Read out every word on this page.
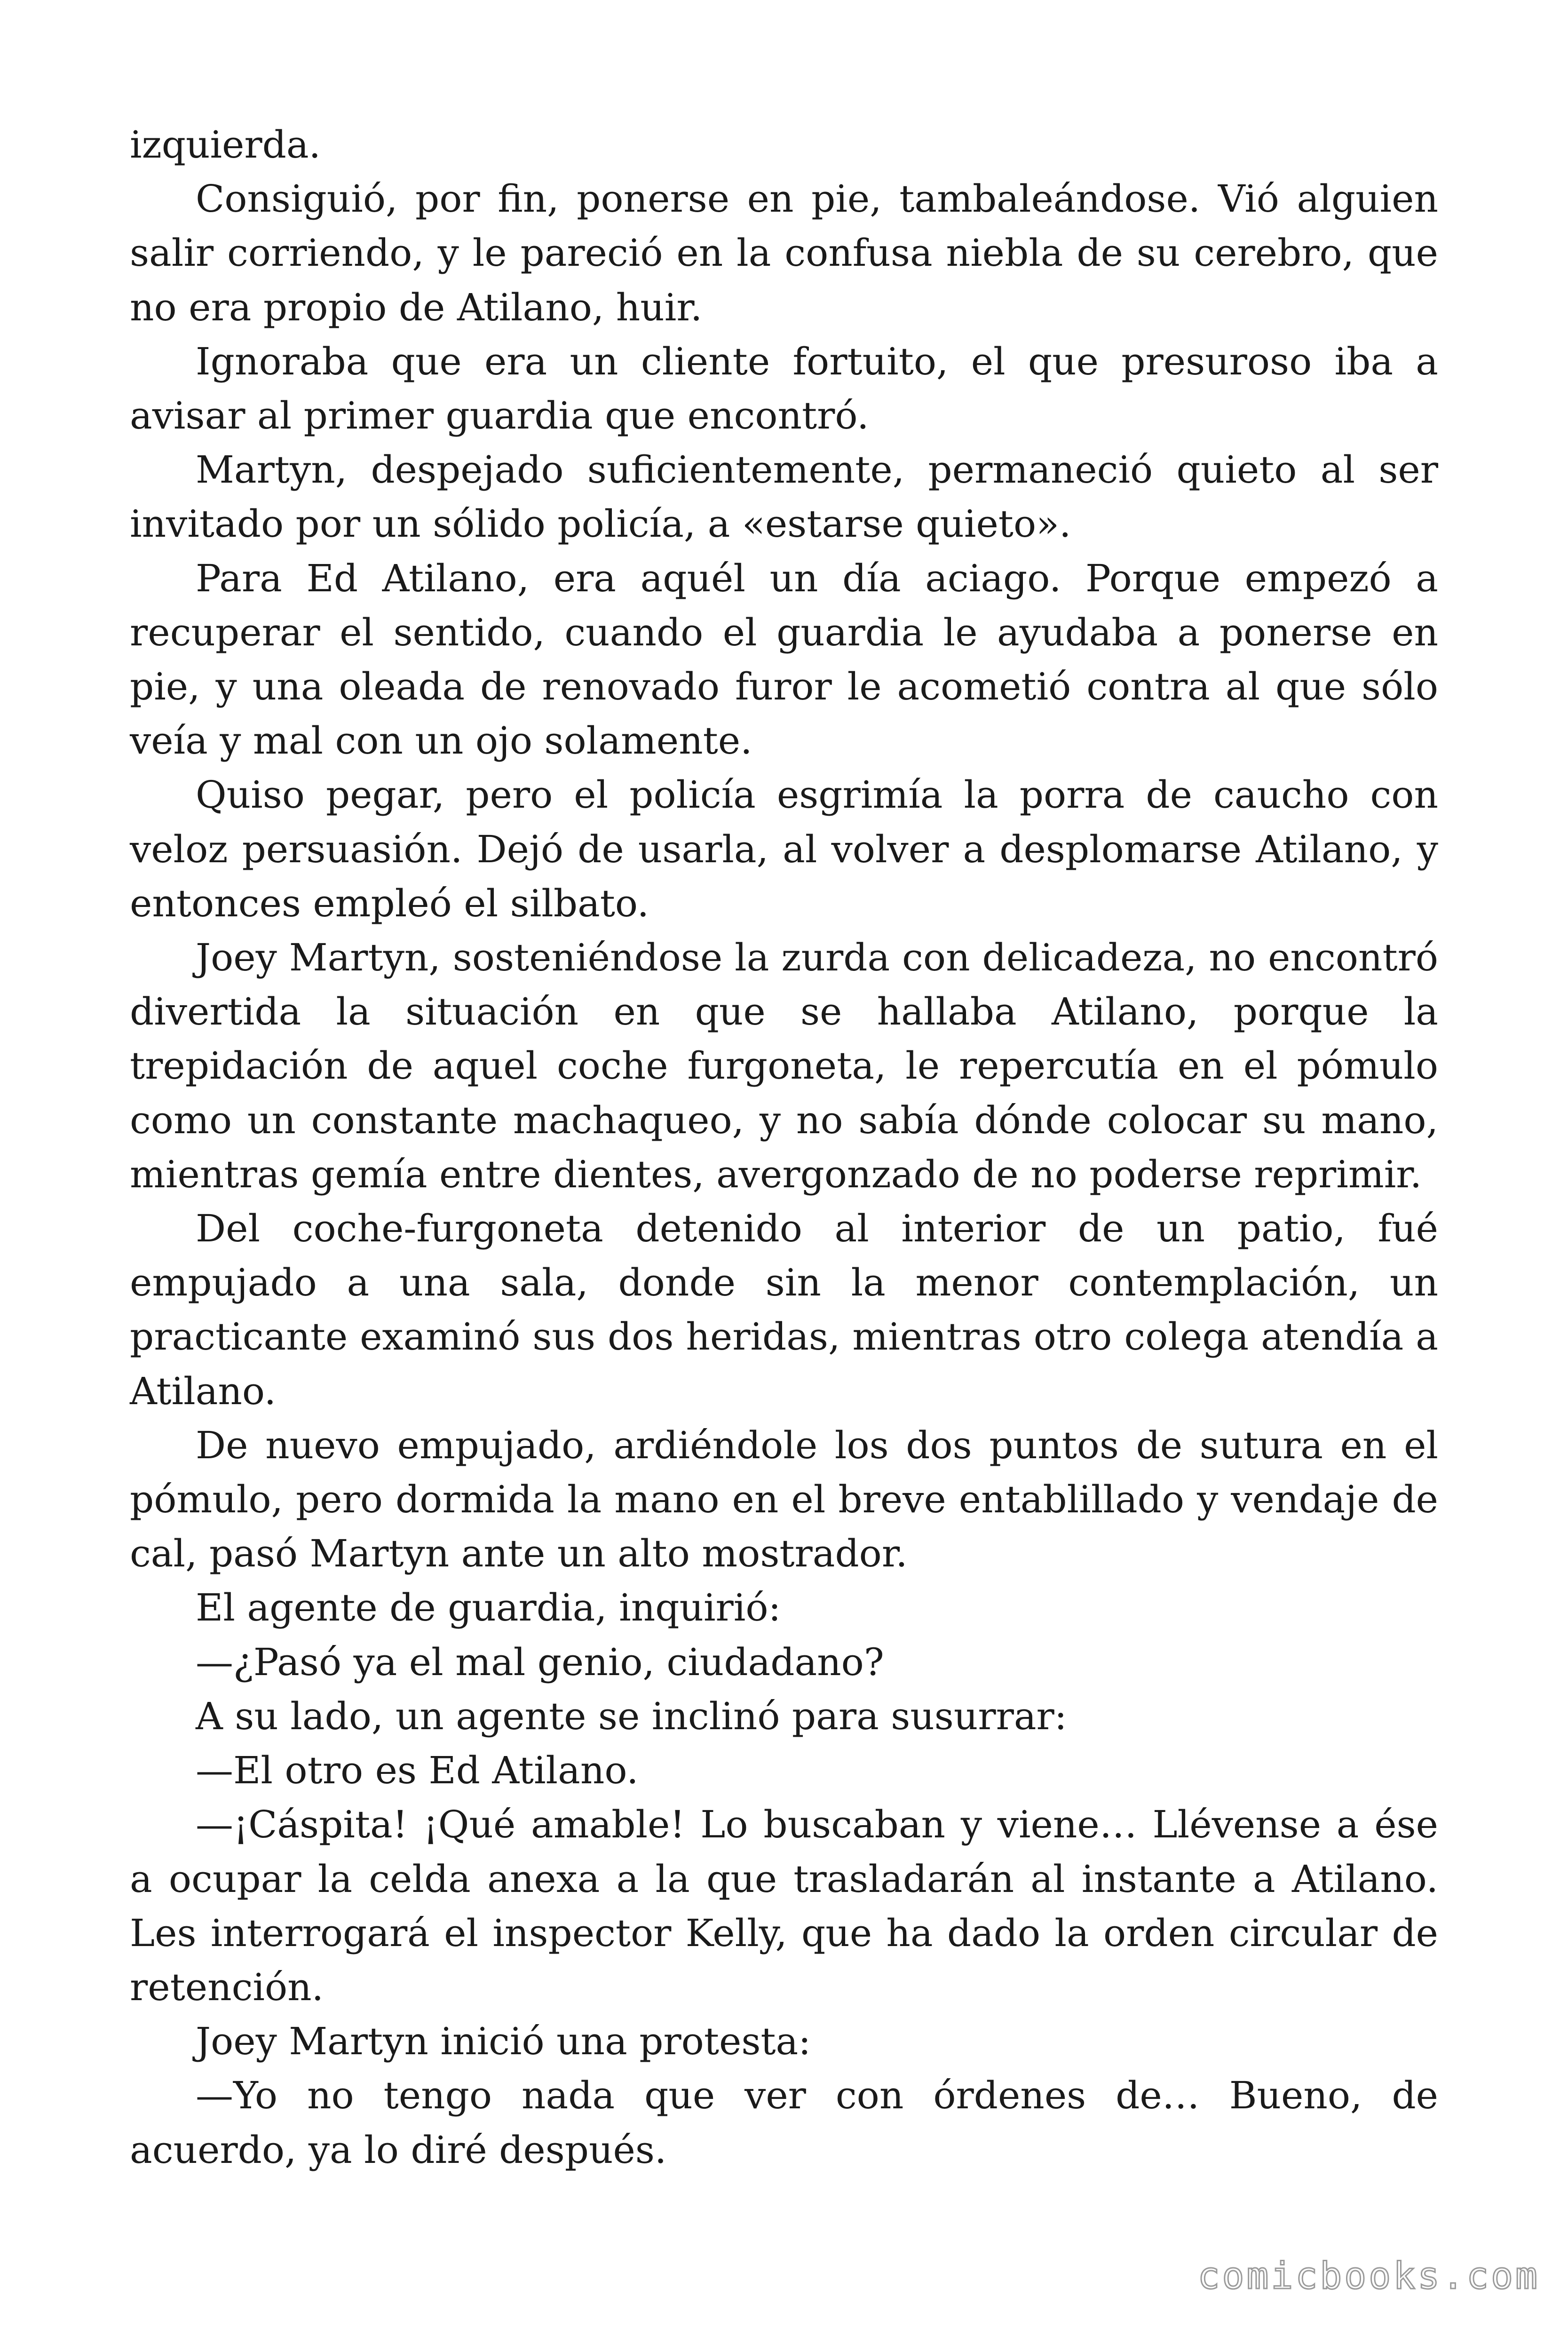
izquierda.

Consiguió, por fin, ponerse en pie, tambaleándose. Vió alguien salir corriendo, y le pareció en la confusa niebla de su cerebro, que no era propio de Atilano, huir.

Ignoraba que era un cliente fortuito, el que presuroso iba a avisar al primer guardia que encontró.

Martyn, despejado suficientemente, permaneció quieto al ser invitado por un sólido policía, a «estarse quieto».

Para Ed Atilano, era aquél un día aciago. Porque empezó a recuperar el sentido, cuando el guardia le ayudaba a ponerse en pie, y una oleada de renovado furor le acometió contra al que sólo veía y mal con un ojo solamente.

Quiso pegar, pero el policía esgrimía la porra de caucho con veloz persuasión. Dejó de usarla, al volver a desplomarse Atilano, y entonces empleó el silbato.

Joey Martyn, sosteniéndose la zurda con delicadeza, no encontró divertida la situación en que se hallaba Atilano, porque la trepidación de aquel coche furgoneta, le repercutía en el pómulo como un constante machaqueo, y no sabía dónde colocar su mano, mientras gemía entre dientes, avergonzado de no poderse reprimir.

Del coche-furgoneta detenido al interior de un patio, fué empujado a una sala, donde sin la menor contemplación, un practicante examinó sus dos heridas, mientras otro colega atendía a Atilano.

De nuevo empujado, ardiéndole los dos puntos de sutura en el pómulo, pero dormida la mano en el breve entablillado y vendaje de cal, pasó Martyn ante un alto mostrador.

El agente de guardia, inquirió:

—¿Pasó ya el mal genio, ciudadano?

A su lado, un agente se inclinó para susurrar:

—El otro es Ed Atilano.

—¡Cáspita! ¡Qué amable! Lo buscaban y viene… Llévense a ése a ocupar la celda anexa a la que trasladarán al instante a Atilano. Les interrogará el inspector Kelly, que ha dado la orden circular de retención.

Joey Martyn inició una protesta:

—Yo no tengo nada que ver con órdenes de… Bueno, de acuerdo, ya lo diré después.

comicbooks.com
